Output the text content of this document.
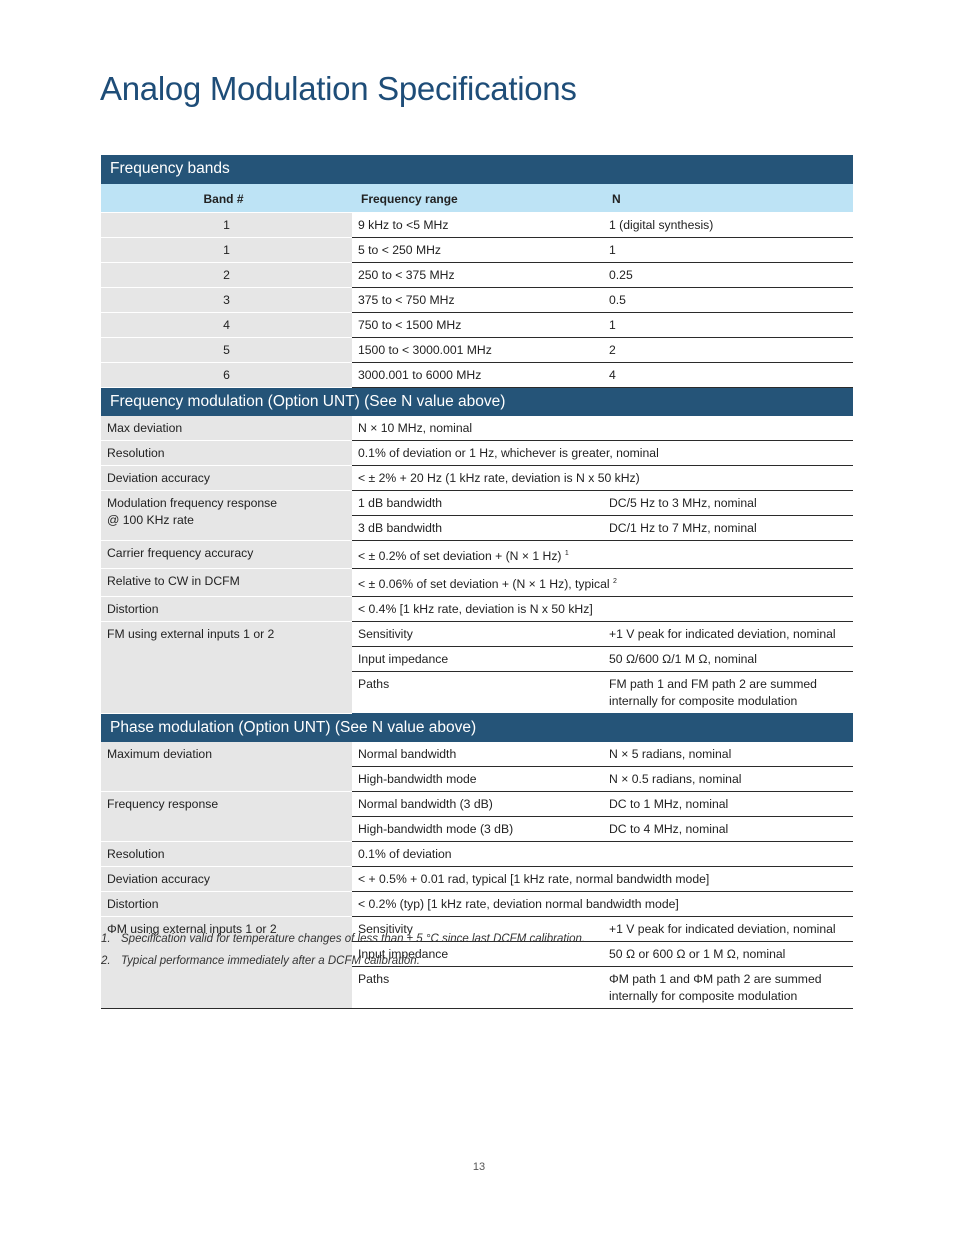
Analog Modulation Specifications
Frequency bands		
Band #	Frequency range	N
1	9 kHz to <5 MHz	1 (digital synthesis)
1	5 to < 250 MHz	1
2	250 to < 375 MHz	0.25
3	375 to < 750 MHz	0.5
4	750 to < 1500 MHz	1
5	1500 to < 3000.001 MHz	2
6	3000.001 to 6000 MHz	4
Frequency modulation (Option UNT) (See N value above)		
Max deviation	N × 10 MHz, nominal	
Resolution	0.1% of deviation or 1 Hz, whichever is greater, nominal	
Deviation accuracy	< ± 2% + 20 Hz (1 kHz rate, deviation is N x 50 kHz)	

Modulation frequency response
@ 100 KHz rate	1 dB bandwidth	DC/5 Hz to 3 MHz, nominal
	3 dB bandwidth	DC/1 Hz to 7 MHz, nominal
Carrier frequency accuracy	< ± 0.2% of set deviation + (N × 1 Hz) $^1$
Relative to CW in DCFM	< ± 0.06% of set deviation + (N × 1 Hz), typical $^2$
Distortion	< 0.4% [1 kHz rate, deviation is N x 50 kHz]	
FM using external inputs 1 or 2	Sensitivity	+1 V peak for indicated deviation, nominal
	Input impedance	50 Ω/600 Ω/1 M Ω, nominal
	Paths	FM path 1 and FM path 2 are summed
internally for composite modulation

Phase modulation (Option UNT) (See N value above)		
Maximum deviation	Normal bandwidth	N × 5 radians, nominal
	High-bandwidth mode	N × 0.5 radians, nominal
Frequency response	Normal bandwidth (3 dB)	DC to 1 MHz, nominal
	High-bandwidth mode (3 dB)	DC to 4 MHz, nominal
Resolution	0.1% of deviation	
Deviation accuracy	< + 0.5% + 0.01 rad, typical [1 kHz rate, normal bandwidth mode]	
Distortion	< 0.2% (typ) [1 kHz rate, deviation normal bandwidth mode]	
ΦM using external inputs 1 or 2	Sensitivity	+1 V peak for indicated deviation, nominal
	Input impedance	50 Ω or 600 Ω or 1 M Ω, nominal
	Paths	ΦM path 1 and ΦM path 2 are summed
internally for composite modulation
1. Specification valid for temperature changes of less than ± 5 °C since last DCFM calibration.
2. Typical performance immediately after a DCFM calibration.
13
